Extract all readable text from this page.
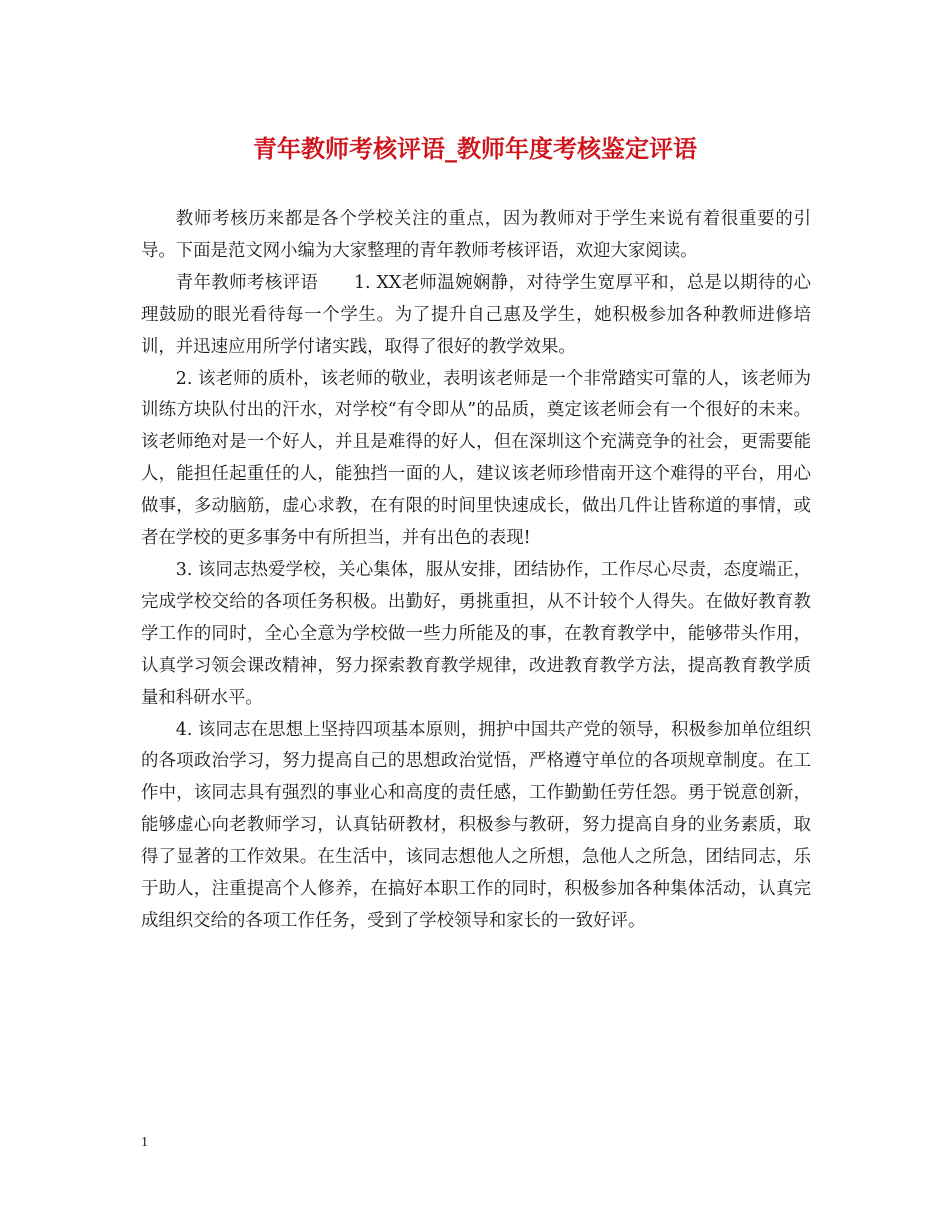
青年教师考核评语_教师年度考核鉴定评语

教师考核历来都是各个学校关注的重点，因为教师对于学生来说有着很重要的引导。下面是范文网小编为大家整理的青年教师考核评语，欢迎大家阅读。

青年教师考核评语　　1. XX老师温婉娴静，对待学生宽厚平和，总是以期待的心理鼓励的眼光看待每一个学生。为了提升自己惠及学生，她积极参加各种教师进修培训，并迅速应用所学付诸实践，取得了很好的教学效果。

2. 该老师的质朴，该老师的敬业，表明该老师是一个非常踏实可靠的人，该老师为训练方块队付出的汗水，对学校“有令即从”的品质，奠定该老师会有一个很好的未来。该老师绝对是一个好人，并且是难得的好人，但在深圳这个充满竞争的社会，更需要能人，能担任起重任的人，能独挡一面的人，建议该老师珍惜南开这个难得的平台，用心做事，多动脑筋，虚心求教，在有限的时间里快速成长，做出几件让皆称道的事情，或者在学校的更多事务中有所担当，并有出色的表现!

3. 该同志热爱学校，关心集体，服从安排，团结协作，工作尽心尽责，态度端正，完成学校交给的各项任务积极。出勤好，勇挑重担，从不计较个人得失。在做好教育教学工作的同时，全心全意为学校做一些力所能及的事，在教育教学中，能够带头作用，认真学习领会课改精神，努力探索教育教学规律，改进教育教学方法，提高教育教学质量和科研水平。

4. 该同志在思想上坚持四项基本原则，拥护中国共产党的领导，积极参加单位组织的各项政治学习，努力提高自己的思想政治觉悟，严格遵守单位的各项规章制度。在工作中，该同志具有强烈的事业心和高度的责任感，工作勤勤任劳任怨。勇于锐意创新，能够虚心向老教师学习，认真钻研教材，积极参与教研，努力提高自身的业务素质，取得了显著的工作效果。在生活中，该同志想他人之所想，急他人之所急，团结同志，乐于助人，注重提高个人修养，在搞好本职工作的同时，积极参加各种集体活动，认真完成组织交给的各项工作任务，受到了学校领导和家长的一致好评。

1
